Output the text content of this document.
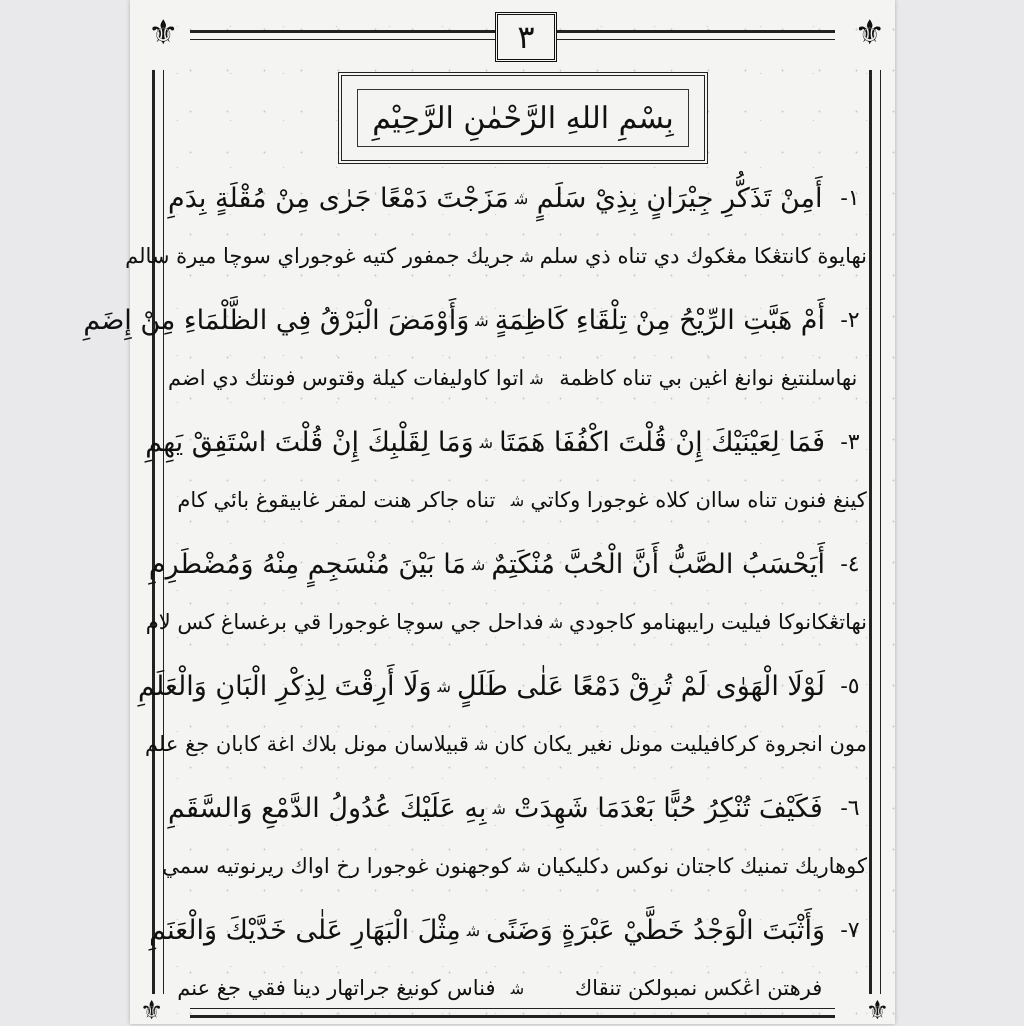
⚜	⚜
⚜	⚜
٣
بِسْمِ اللهِ الرَّحْمٰنِ الرَّحِيْمِ
١-
أَمِنْ تَذَكُّرِ جِيْرَانٍ بِذِيْ سَلَمٍ
ﺷ
مَزَجْتَ دَمْعًا جَرٰى مِنْ مُقْلَةٍ بِدَمِ
نهايوة كانتڠكا مڠكوك دي تناه ذي سلم
ﺷ
جريك جمفور كتيه غوجوراي سوچا ميرة سالم
٢-
أَمْ هَبَّتِ الرِّيْحُ مِنْ تِلْقَاءِ كَاظِمَةٍ
ﺷ
وَأَوْمَضَ الْبَرْقُ فِي الظَّلْمَاءِ مِنْ إِضَمِ
نهاسلنتيغ نوانغ اغين بي تناه كاظمة
ﺷ
اتوا كاوليفات كيلة وقتوس فونتك دي اضم
٣-
فَمَا لِعَيْنَيْكَ إِنْ قُلْتَ اكْفُفَا هَمَتَا
ﺷ
وَمَا لِقَلْبِكَ إِنْ قُلْتَ اسْتَفِقْ يَهِمِ
كينغ فنون تناه ساان كلاه غوجورا وكاتي
ﺷ
تناه جاكر هنت لمقر غابيقوغ بائي كام
٤-
أَيَحْسَبُ الصَّبُّ أَنَّ الْحُبَّ مُنْكَتِمٌ
ﺷ
مَا بَيْنَ مُنْسَجِمٍ مِنْهُ وَمُضْطَرِمِ
نهاتڠكانوكا فيليت رايبهنامو كاجودي
ﺷ
فداحل جي سوچا غوجورا قي برغساغ كس لام
٥-
لَوْلَا الْهَوٰى لَمْ تُرِقْ دَمْعًا عَلٰى طَلَلٍ
ﺷ
وَلَا أَرِقْتَ لِذِكْرِ الْبَانِ وَالْعَلَمِ
مون انجروة كركافيليت مونل نغير يكان كان
ﺷ
قبيلاسان مونل بلاك اغة كابان جغ علم
٦-
فَكَيْفَ تُنْكِرُ حُبًّا بَعْدَمَا شَهِدَتْ
ﺷ
بِهِ عَلَيْكَ عُدُولُ الدَّمْعِ وَالسَّقَمِ
كوهاريك تمنيك كاجتان نوكس دكليكيان
ﺷ
كوجهنون غوجورا رخ اواك ريرنوتيه سمي
٧-
وَأَثْبَتَ الْوَجْدُ خَطَّيْ عَبْرَةٍ وَضَنًى
ﺷ
مِثْلَ الْبَهَارِ عَلٰى خَدَّيْكَ وَالْعَنَمِ
فرهتن اڠكس نمبولكن تنقاك
ﺷ
فناس كونيغ جراتهار دينا فقي جغ عنم
